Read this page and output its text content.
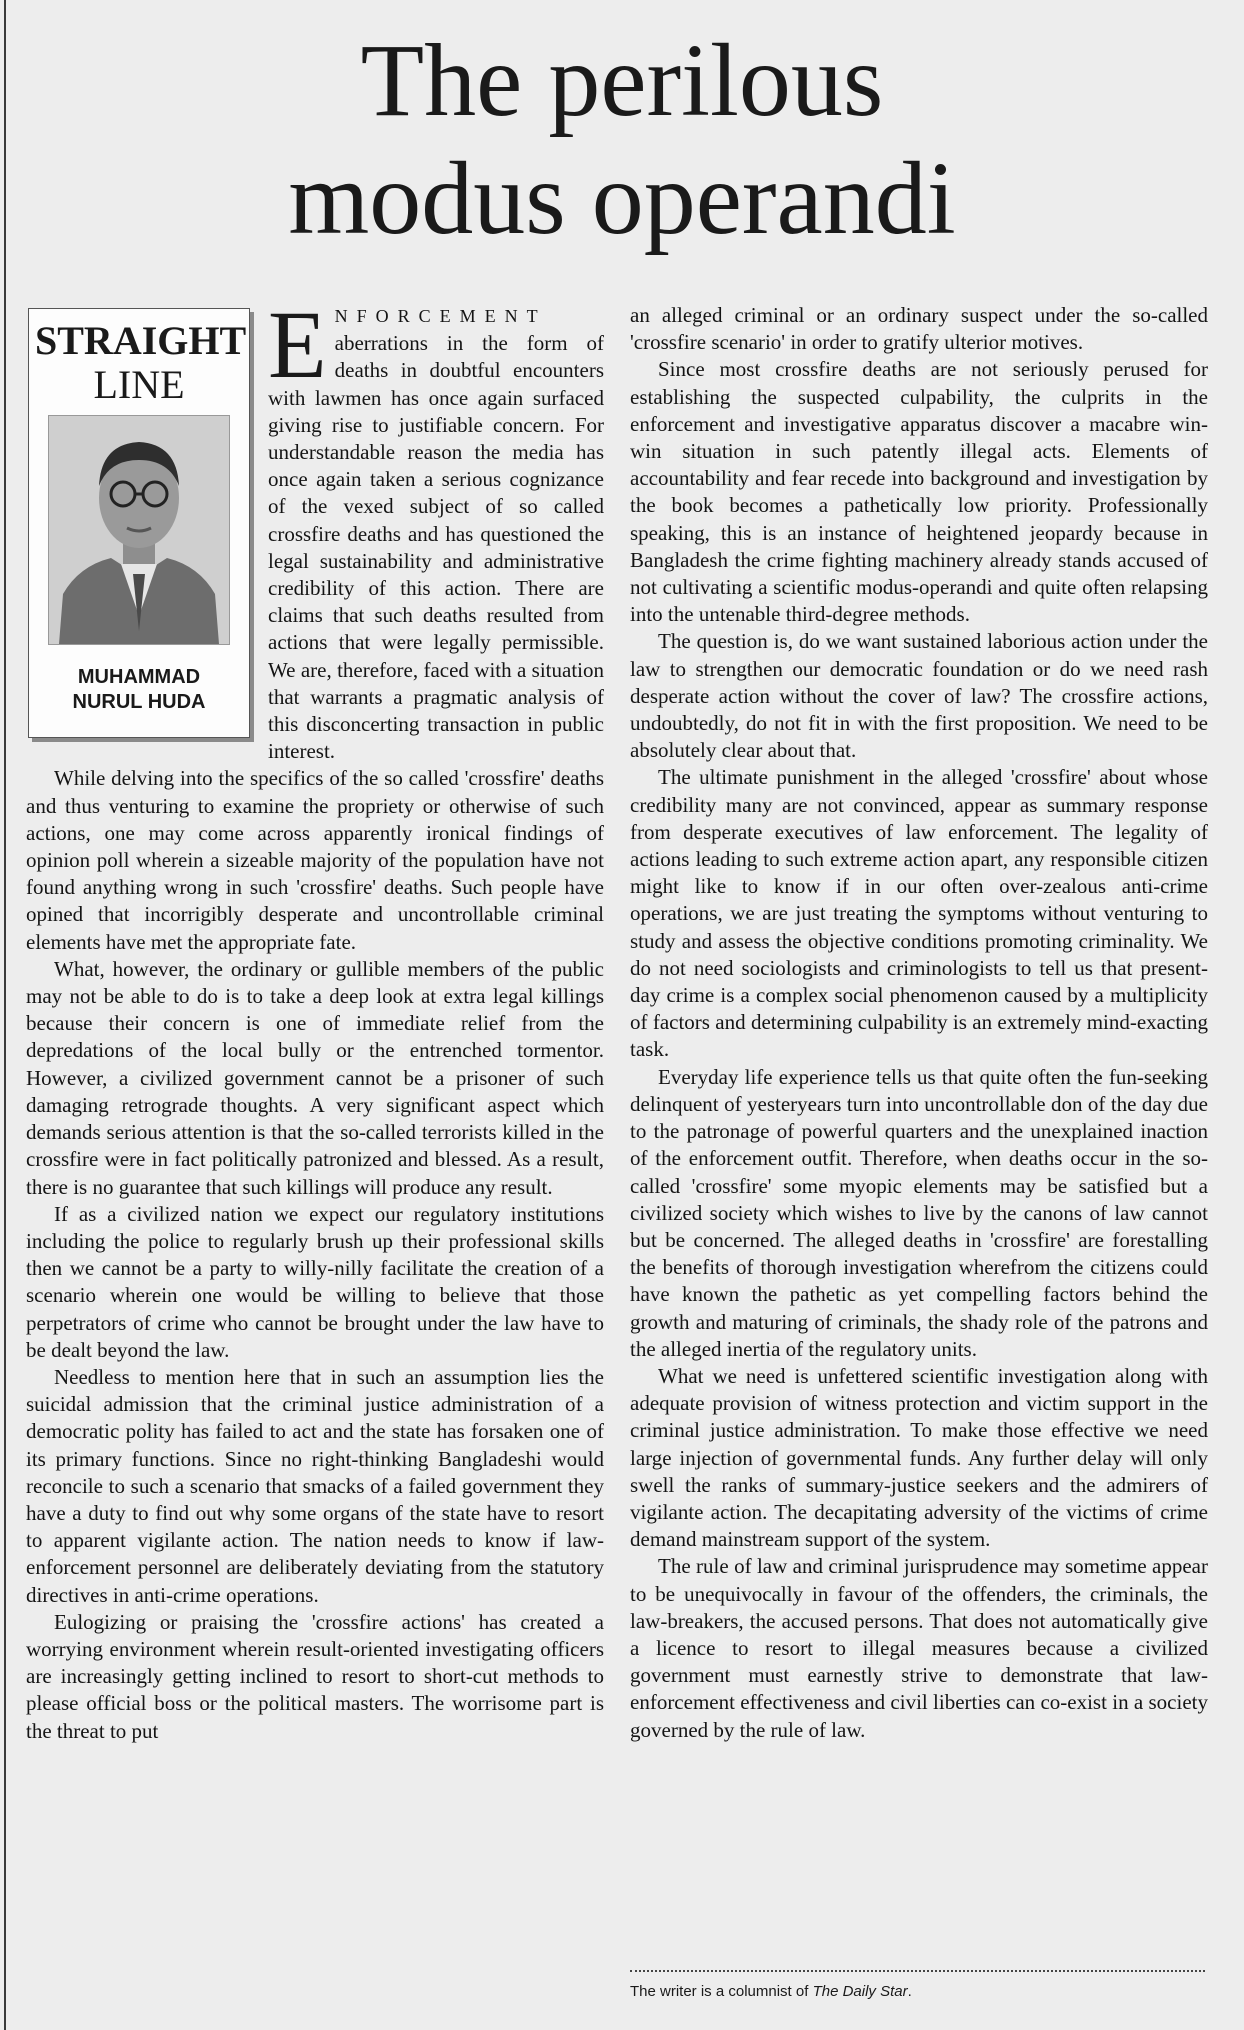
The perilous
modus operandi
STRAIGHT
LINE
MUHAMMAD
NURUL HUDA

ENFORCEMENT aberrations in the form of deaths in doubtful encounters with lawmen has once again surfaced giving rise to justifiable concern. For understandable reason the media has once again taken a serious cognizance of the vexed subject of so called crossfire deaths and has questioned the legal sustainability and administrative credibility of this action. There are claims that such deaths resulted from actions that were legally permissible. We are, therefore, faced with a situation that warrants a pragmatic analysis of this disconcerting transaction in public interest.

While delving into the specifics of the so called 'crossfire' deaths and thus venturing to examine the propriety or otherwise of such actions, one may come across apparently ironical findings of opinion poll wherein a sizeable majority of the population have not found anything wrong in such 'crossfire' deaths. Such people have opined that incorrigibly desperate and uncontrollable criminal elements have met the appropriate fate.

What, however, the ordinary or gullible members of the public may not be able to do is to take a deep look at extra legal killings because their concern is one of immediate relief from the depredations of the local bully or the entrenched tormentor. However, a civilized government cannot be a prisoner of such damaging retrograde thoughts. A very significant aspect which demands serious attention is that the so-called terrorists killed in the crossfire were in fact politically patronized and blessed. As a result, there is no guarantee that such killings will produce any result.

If as a civilized nation we expect our regulatory institutions including the police to regularly brush up their professional skills then we cannot be a party to willy-nilly facilitate the creation of a scenario wherein one would be willing to believe that those perpetrators of crime who cannot be brought under the law have to be dealt beyond the law.

Needless to mention here that in such an assumption lies the suicidal admission that the criminal justice administration of a democratic polity has failed to act and the state has forsaken one of its primary functions. Since no right-thinking Bangladeshi would reconcile to such a scenario that smacks of a failed government they have a duty to find out why some organs of the state have to resort to apparent vigilante action. The nation needs to know if law-enforcement personnel are deliberately deviating from the statutory directives in anti-crime operations.

Eulogizing or praising the 'crossfire actions' has created a worrying environment wherein result-oriented investigating officers are increasingly getting inclined to resort to short-cut methods to please official boss or the political masters. The worrisome part is the threat to put

an alleged criminal or an ordinary suspect under the so-called 'crossfire scenario' in order to gratify ulterior motives.

Since most crossfire deaths are not seriously perused for establishing the suspected culpability, the culprits in the enforcement and investigative apparatus discover a macabre win-win situation in such patently illegal acts. Elements of accountability and fear recede into background and investigation by the book becomes a pathetically low priority. Professionally speaking, this is an instance of heightened jeopardy because in Bangladesh the crime fighting machinery already stands accused of not cultivating a scientific modus-operandi and quite often relapsing into the untenable third-degree methods.

The question is, do we want sustained laborious action under the law to strengthen our democratic foundation or do we need rash desperate action without the cover of law? The crossfire actions, undoubtedly, do not fit in with the first proposition. We need to be absolutely clear about that.

The ultimate punishment in the alleged 'crossfire' about whose credibility many are not convinced, appear as summary response from desperate executives of law enforcement. The legality of actions leading to such extreme action apart, any responsible citizen might like to know if in our often over-zealous anti-crime operations, we are just treating the symptoms without venturing to study and assess the objective conditions promoting criminality. We do not need sociologists and criminologists to tell us that present-day crime is a complex social phenomenon caused by a multiplicity of factors and determining culpability is an extremely mind-exacting task.

Everyday life experience tells us that quite often the fun-seeking delinquent of yesteryears turn into uncontrollable don of the day due to the patronage of powerful quarters and the unexplained inaction of the enforcement outfit. Therefore, when deaths occur in the so-called 'crossfire' some myopic elements may be satisfied but a civilized society which wishes to live by the canons of law cannot but be concerned. The alleged deaths in 'crossfire' are forestalling the benefits of thorough investigation wherefrom the citizens could have known the pathetic as yet compelling factors behind the growth and maturing of criminals, the shady role of the patrons and the alleged inertia of the regulatory units.

What we need is unfettered scientific investigation along with adequate provision of witness protection and victim support in the criminal justice administration. To make those effective we need large injection of governmental funds. Any further delay will only swell the ranks of summary-justice seekers and the admirers of vigilante action. The decapitating adversity of the victims of crime demand mainstream support of the system.

The rule of law and criminal jurisprudence may sometime appear to be unequivocally in favour of the offenders, the criminals, the law-breakers, the accused persons. That does not automatically give a licence to resort to illegal measures because a civilized government must earnestly strive to demonstrate that law-enforcement effectiveness and civil liberties can co-exist in a society governed by the rule of law.

The writer is a columnist of The Daily Star.
